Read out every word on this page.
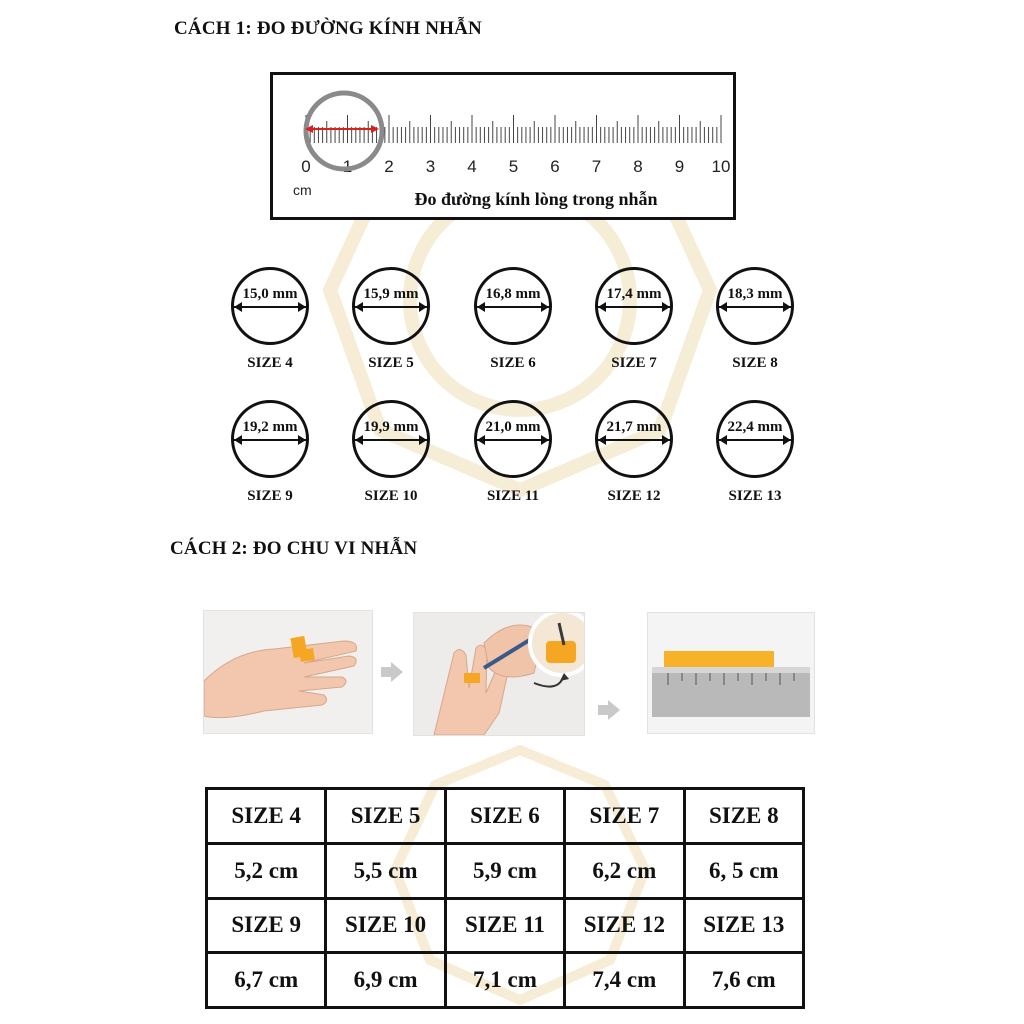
CÁCH 1: ĐO ĐƯỜNG KÍNH NHẪN
0 1 2 3 4 5 6 7 8 9 10
cm	Đo đường kính lòng trong nhẫn
15,0 mm
SIZE 4
15,9 mm
SIZE 5
16,8 mm
SIZE 6
17,4 mm
SIZE 7
18,3 mm
SIZE 8
19,2 mm
SIZE 9
19,9 mm
SIZE 10
21,0 mm
SIZE 11
21,7 mm
SIZE 12
22,4 mm
SIZE 13
CÁCH 2: ĐO CHU VI NHẪN
SIZE 4	SIZE 5	SIZE 6	SIZE 7	SIZE 8
5,2 cm	5,5 cm	5,9 cm	6,2 cm	6, 5 cm
SIZE 9	SIZE 10	SIZE 11	SIZE 12	SIZE 13
6,7 cm	6,9 cm	7,1 cm	7,4 cm	7,6 cm
